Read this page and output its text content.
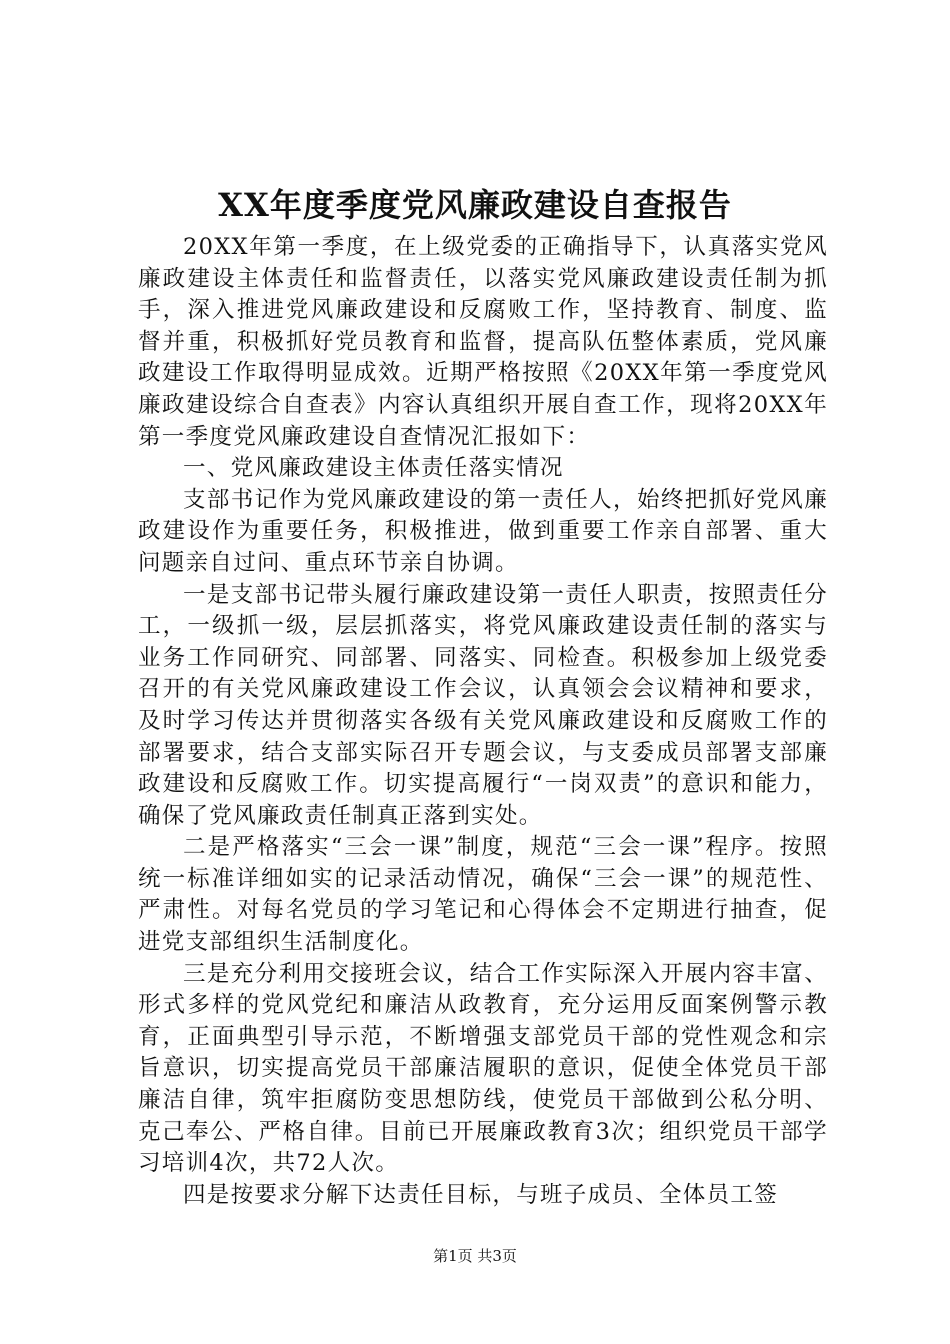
XX年度季度党风廉政建设自查报告

20XX年第一季度，在上级党委的正确指导下，认真落实党风廉政建设主体责任和监督责任，以落实党风廉政建设责任制为抓手，深入推进党风廉政建设和反腐败工作，坚持教育、制度、监督并重，积极抓好党员教育和监督，提高队伍整体素质，党风廉政建设工作取得明显成效。近期严格按照《20XX年第一季度党风廉政建设综合自查表》内容认真组织开展自查工作，现将20XX年第一季度党风廉政建设自查情况汇报如下：

一、党风廉政建设主体责任落实情况

支部书记作为党风廉政建设的第一责任人，始终把抓好党风廉政建设作为重要任务，积极推进，做到重要工作亲自部署、重大问题亲自过问、重点环节亲自协调。

一是支部书记带头履行廉政建设第一责任人职责，按照责任分工，一级抓一级，层层抓落实，将党风廉政建设责任制的落实与业务工作同研究、同部署、同落实、同检查。积极参加上级党委召开的有关党风廉政建设工作会议，认真领会会议精神和要求，及时学习传达并贯彻落实各级有关党风廉政建设和反腐败工作的部署要求，结合支部实际召开专题会议，与支委成员部署支部廉政建设和反腐败工作。切实提高履行“一岗双责”的意识和能力，确保了党风廉政责任制真正落到实处。

二是严格落实“三会一课”制度，规范“三会一课”程序。按照统一标准详细如实的记录活动情况，确保“三会一课”的规范性、严肃性。对每名党员的学习笔记和心得体会不定期进行抽查，促进党支部组织生活制度化。

三是充分利用交接班会议，结合工作实际深入开展内容丰富、形式多样的党风党纪和廉洁从政教育，充分运用反面案例警示教育，正面典型引导示范，不断增强支部党员干部的党性观念和宗旨意识，切实提高党员干部廉洁履职的意识，促使全体党员干部廉洁自律，筑牢拒腐防变思想防线，使党员干部做到公私分明、克己奉公、严格自律。目前已开展廉政教育3次；组织党员干部学习培训4次，共72人次。

四是按要求分解下达责任目标，与班子成员、全体员工签

第1页 共3页
